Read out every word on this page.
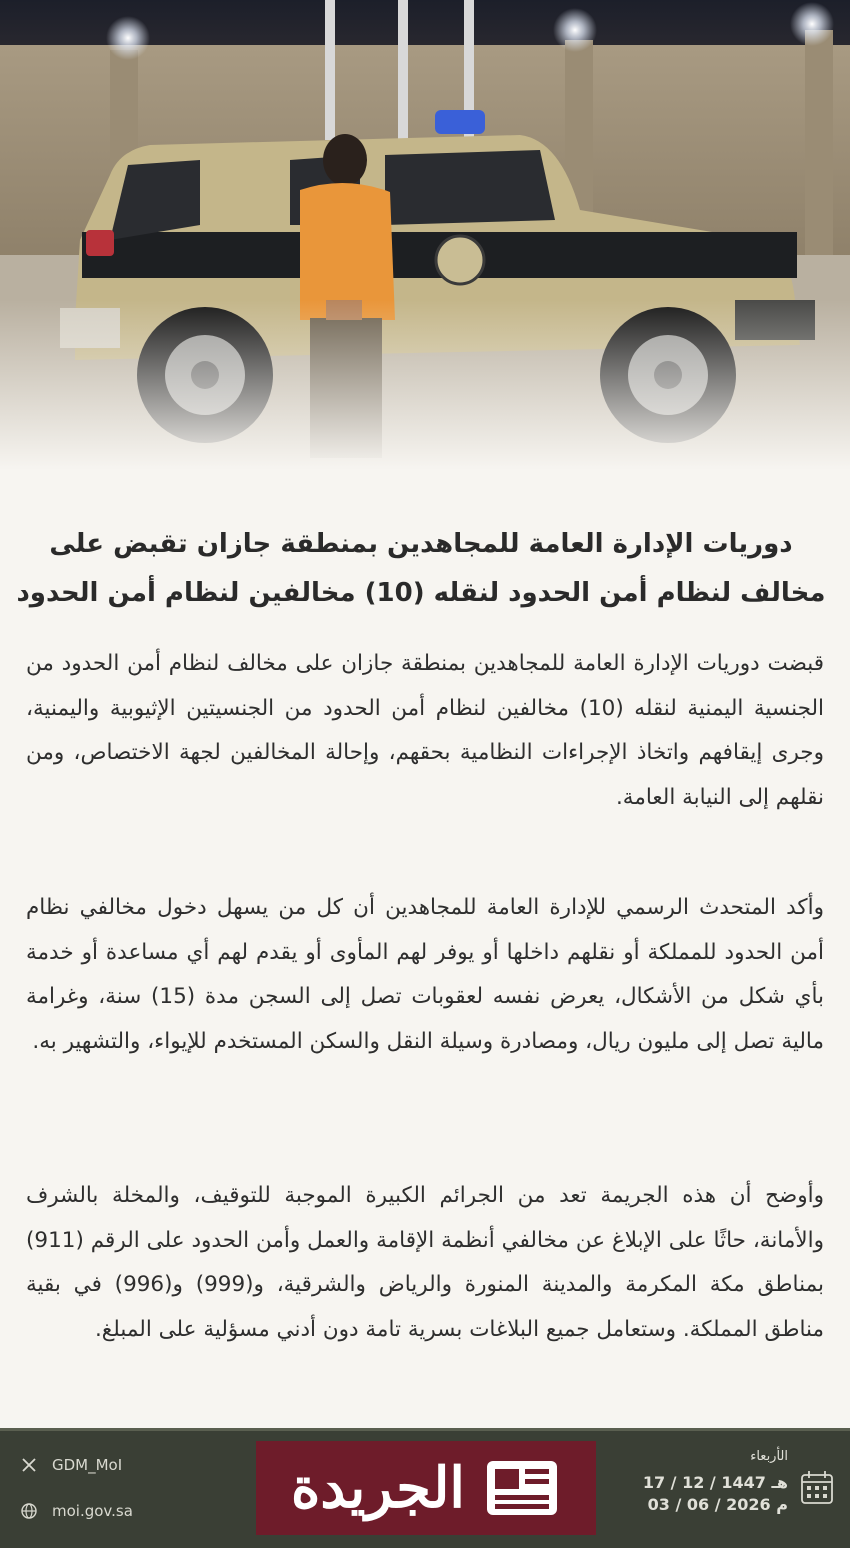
دوريات الإدارة العامة للمجاهدين بمنطقة جازان تقبض على مخالف لنظام أمن الحدود لنقله (10) مخالفين لنظام أمن الحدود

قبضت دوريات الإدارة العامة للمجاهدين بمنطقة جازان على مخالف لنظام أمن الحدود من الجنسية اليمنية لنقله (10) مخالفين لنظام أمن الحدود من الجنسيتين الإثيوبية واليمنية، وجرى إيقافهم واتخاذ الإجراءات النظامية بحقهم، وإحالة المخالفين لجهة الاختصاص، ومن نقلهم إلى النيابة العامة.

وأكد المتحدث الرسمي للإدارة العامة للمجاهدين أن كل من يسهل دخول مخالفي نظام أمن الحدود للمملكة أو نقلهم داخلها أو يوفر لهم المأوى أو يقدم لهم أي مساعدة أو خدمة بأي شكل من الأشكال، يعرض نفسه لعقوبات تصل إلى السجن مدة (15) سنة، وغرامة مالية تصل إلى مليون ريال، ومصادرة وسيلة النقل والسكن المستخدم للإيواء، والتشهير به.

وأوضح أن هذه الجريمة تعد من الجرائم الكبيرة الموجبة للتوقيف، والمخلة بالشرف والأمانة، حاثًا على الإبلاغ عن مخالفي أنظمة الإقامة والعمل وأمن الحدود على الرقم (911) بمناطق مكة المكرمة والمدينة المنورة والرياض والشرقية، و(999) و(996) في بقية مناطق المملكة. وستعامل جميع البلاغات بسرية تامة دون أدني مسؤلية على المبلغ.

GDM_MoI
moi.gov.sa	الجريدة	الأربعاء
17 / 12 / 1447 هـ
03 / 06 / 2026 م
